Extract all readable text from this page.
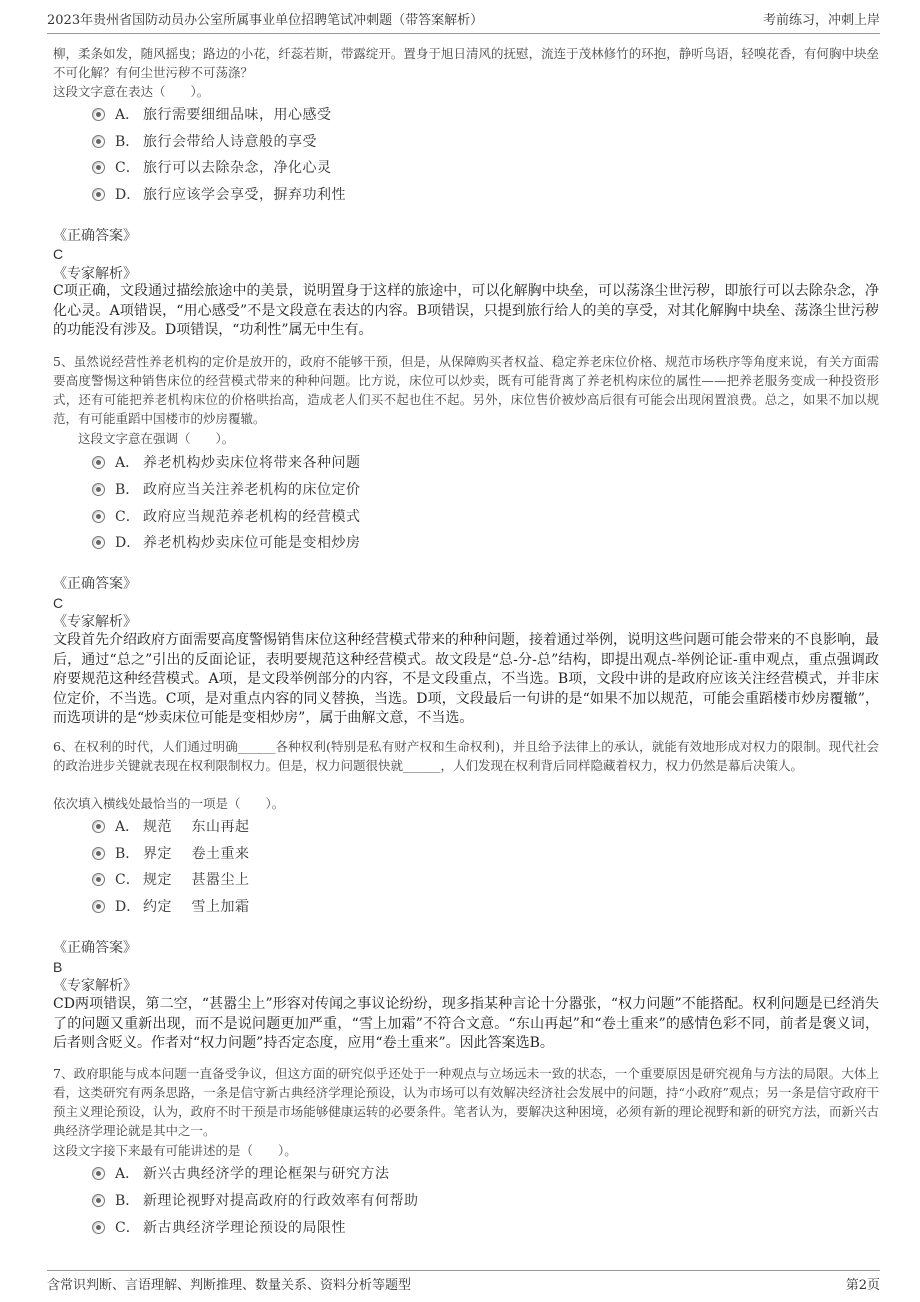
2023年贵州省国防动员办公室所属事业单位招聘笔试冲刺题（带答案解析）	考前练习，冲刺上岸
柳，柔条如发，随风摇曳；路边的小花，纤蕊若斯，带露绽开。置身于旭日清风的抚慰，流连于茂林修竹的环抱，静听鸟语，轻嗅花香，有何胸中块垒不可化解？有何尘世污秽不可荡涤？
这段文字意在表达（　　）。
A． 旅行需要细细品味，用心感受
B． 旅行会带给人诗意般的享受
C． 旅行可以去除杂念，净化心灵
D． 旅行应该学会享受，摒弃功利性
《正确答案》
C
《专家解析》
C项正确，文段通过描绘旅途中的美景，说明置身于这样的旅途中，可以化解胸中块垒，可以荡涤尘世污秽，即旅行可以去除杂念，净化心灵。A项错误，“用心感受”不是文段意在表达的内容。B项错误，只提到旅行给人的美的享受，对其化解胸中块垒、荡涤尘世污秽的功能没有涉及。D项错误，“功利性”属无中生有。
5、虽然说经营性养老机构的定价是放开的，政府不能够干预，但是，从保障购买者权益、稳定养老床位价格、规范市场秩序等角度来说，有关方面需要高度警惕这种销售床位的经营模式带来的种种问题。比方说，床位可以炒卖，既有可能背离了养老机构床位的属性——把养老服务变成一种投资形式，还有可能把养老机构床位的价格哄抬高，造成老人们买不起也住不起。另外，床位售价被炒高后很有可能会出现闲置浪费。总之，如果不加以规范，有可能重蹈中国楼市的炒房覆辙。
这段文字意在强调（　　）。
A． 养老机构炒卖床位将带来各种问题
B． 政府应当关注养老机构的床位定价
C． 政府应当规范养老机构的经营模式
D． 养老机构炒卖床位可能是变相炒房
《正确答案》
C
《专家解析》
文段首先介绍政府方面需要高度警惕销售床位这种经营模式带来的种种问题，接着通过举例，说明这些问题可能会带来的不良影响，最后，通过“总之”引出的反面论证，表明要规范这种经营模式。故文段是“总-分-总”结构，即提出观点-举例论证-重申观点，重点强调政府要规范这种经营模式。A项，是文段举例部分的内容，不是文段重点，不当选。B项，文段中讲的是政府应该关注经营模式，并非床位定价，不当选。C项，是对重点内容的同义替换，当选。D项，文段最后一句讲的是“如果不加以规范，可能会重蹈楼市炒房覆辙”，而选项讲的是“炒卖床位可能是变相炒房”，属于曲解文意，不当选。
6、在权利的时代，人们通过明确______各种权利(特别是私有财产权和生命权利)，并且给予法律上的承认，就能有效地形成对权力的限制。现代社会的政治进步关键就表现在权利限制权力。但是，权力问题很快就______，人们发现在权利背后同样隐藏着权力，权力仍然是幕后决策人。
依次填入横线处最恰当的一项是（　　）。
A． 规范　 东山再起
B． 界定　 卷土重来
C． 规定　 甚嚣尘上
D． 约定　 雪上加霜
《正确答案》
B
《专家解析》
CD两项错误，第二空，“甚嚣尘上”形容对传闻之事议论纷纷，现多指某种言论十分嚣张，“权力问题”不能搭配。权利问题是已经消失了的问题又重新出现，而不是说问题更加严重，“雪上加霜”不符合文意。“东山再起”和“卷土重来”的感情色彩不同，前者是褒义词，后者则含贬义。作者对“权力问题”持否定态度，应用“卷土重来”。因此答案选B。
7、政府职能与成本问题一直备受争议，但这方面的研究似乎还处于一种观点与立场远未一致的状态，一个重要原因是研究视角与方法的局限。大体上看，这类研究有两条思路，一条是信守新古典经济学理论预设，认为市场可以有效解决经济社会发展中的问题，持“小政府”观点；另一条是信守政府干预主义理论预设，认为，政府不时干预是市场能够健康运转的必要条件。笔者认为，要解决这种困境，必须有新的理论视野和新的研究方法，而新兴古典经济学理论就是其中之一。
这段文字接下来最有可能讲述的是（　　）。
A． 新兴古典经济学的理论框架与研究方法
B． 新理论视野对提高政府的行政效率有何帮助
C． 新古典经济学理论预设的局限性
含常识判断、言语理解、判断推理、数量关系、资料分析等题型	第2页
